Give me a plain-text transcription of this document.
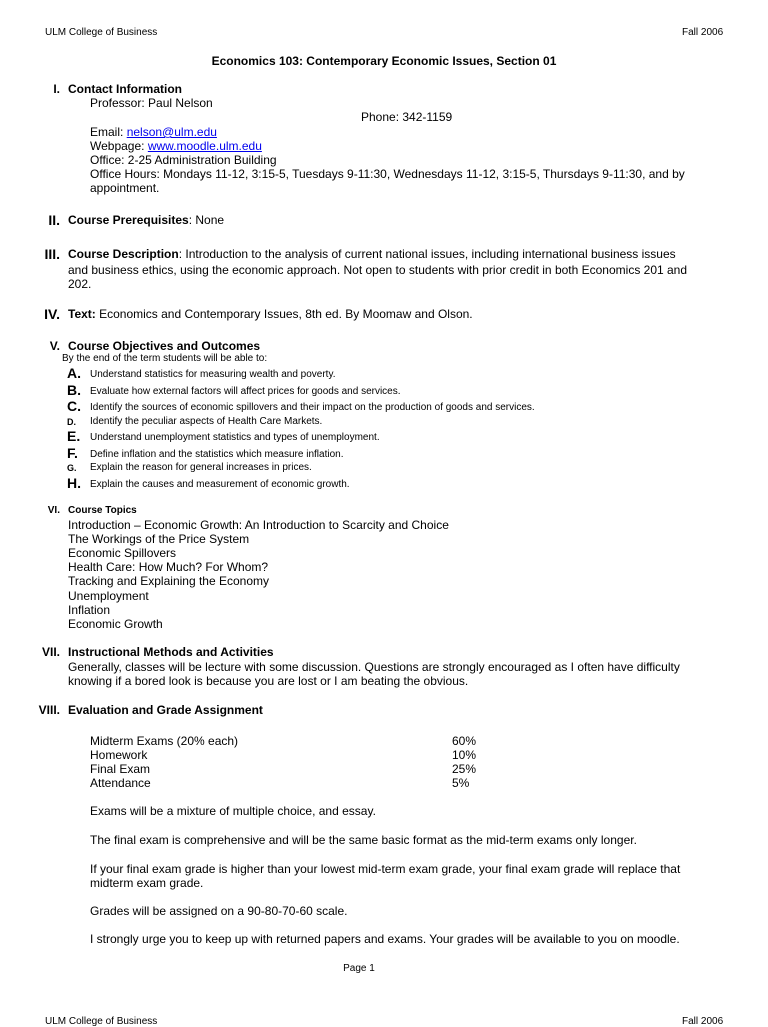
ULM College of Business	Fall 2006
Economics 103: Contemporary Economic Issues, Section 01
I. Contact Information
Professor: Paul Nelson
Phone: 342-1159
Email: nelson@ulm.edu
Webpage: www.moodle.ulm.edu
Office: 2-25 Administration Building
Office Hours: Mondays 11-12, 3:15-5, Tuesdays 9-11:30, Wednesdays 11-12, 3:15-5, Thursdays 9-11:30, and by
appointment.
II. Course Prerequisites: None
III. Course Description: Introduction to the analysis of current national issues, including international business issues
and business ethics, using the economic approach. Not open to students with prior credit in both Economics 201 and
202.
IV. Text: Economics and Contemporary Issues, 8th ed. By Moomaw and Olson.
V. Course Objectives and Outcomes
By the end of the term students will be able to:
A. Understand statistics for measuring wealth and poverty.
B. Evaluate how external factors will affect prices for goods and services.
C. Identify the sources of economic spillovers and their impact on the production of goods and services.
D. Identify the peculiar aspects of Health Care Markets.
E. Understand unemployment statistics and types of unemployment.
F. Define inflation and the statistics which measure inflation.
G. Explain the reason for general increases in prices.
H. Explain the causes and measurement of economic growth.
VI. Course Topics
Introduction – Economic Growth: An Introduction to Scarcity and Choice
The Workings of the Price System
Economic Spillovers
Health Care: How Much? For Whom?
Tracking and Explaining the Economy
Unemployment
Inflation
Economic Growth
VII. Instructional Methods and Activities
Generally, classes will be lecture with some discussion. Questions are strongly encouraged as I often have difficulty
knowing if a bored look is because you are lost or I am beating the obvious.
VIII. Evaluation and Grade Assignment
Midterm Exams (20% each)	60%
Homework	10%
Final Exam	25%
Attendance	5%
Exams will be a mixture of multiple choice, and essay.
The final exam is comprehensive and will be the same basic format as the mid-term exams only longer.
If your final exam grade is higher than your lowest mid-term exam grade, your final exam grade will replace that
midterm exam grade.
Grades will be assigned on a 90-80-70-60 scale.
I strongly urge you to keep up with returned papers and exams. Your grades will be available to you on moodle.
Page 1
ULM College of Business	Fall 2006
